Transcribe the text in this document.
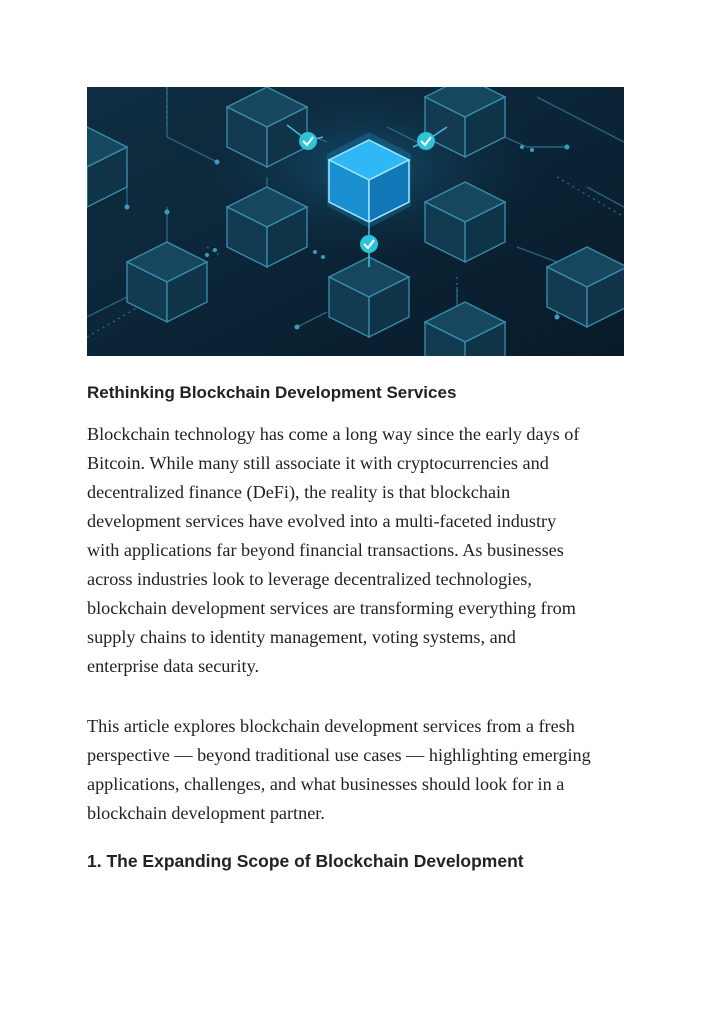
Rethinking Blockchain Development Services

Blockchain technology has come a long way since the early days of
Bitcoin. While many still associate it with cryptocurrencies and
decentralized finance (DeFi), the reality is that blockchain
development services have evolved into a multi-faceted industry
with applications far beyond financial transactions. As businesses
across industries look to leverage decentralized technologies,
blockchain development services are transforming everything from
supply chains to identity management, voting systems, and
enterprise data security.

This article explores blockchain development services from a fresh
perspective — beyond traditional use cases — highlighting emerging
applications, challenges, and what businesses should look for in a
blockchain development partner.

1. The Expanding Scope of Blockchain Development
